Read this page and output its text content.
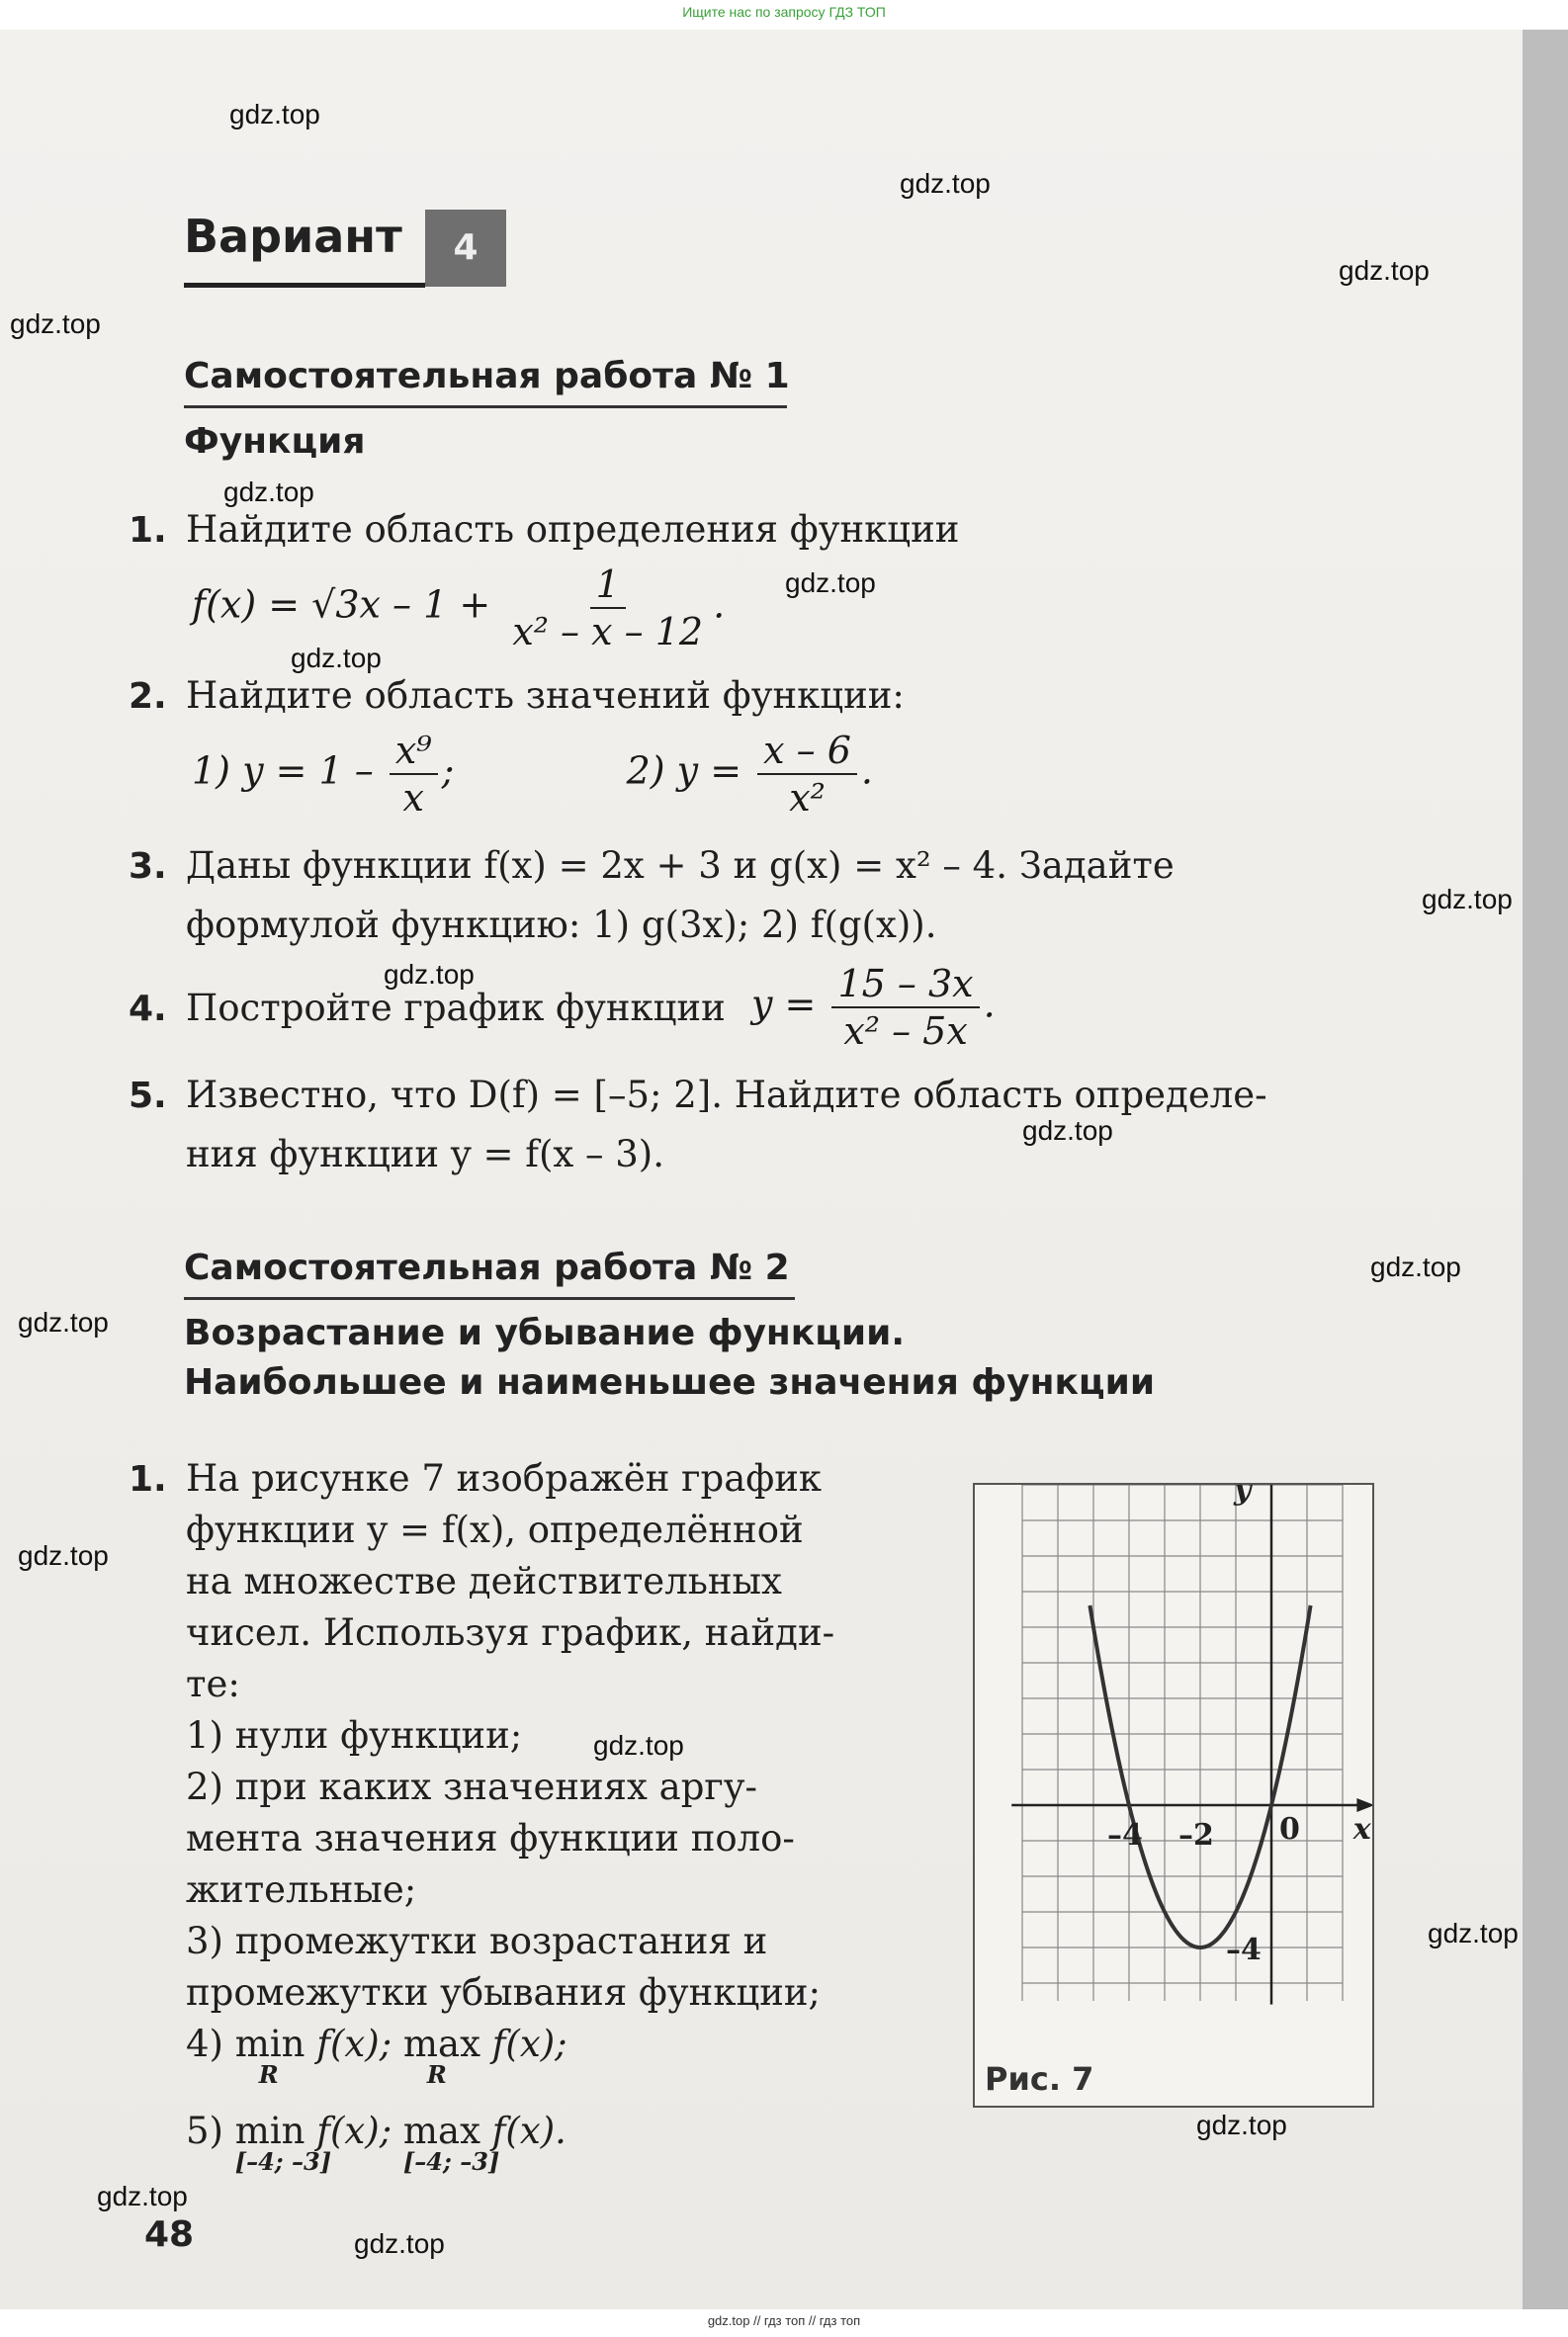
Ищите нас по запросу ГДЗ ТОП
gdz.top
gdz.top
gdz.top
gdz.top
gdz.top
gdz.top
gdz.top
gdz.top
gdz.top
gdz.top
gdz.top
gdz.top
gdz.top
gdz.top
gdz.top
gdz.top
gdz.top
gdz.top
Вариант	4
Самостоятельная работа № 1
Функция
1. Найдите область определения функции
$f(x) = √3x - 1 + \frac{1}{\text{x² – x – 12}}$ .
2. Найдите область значений функции:
1) $y = 1 - \frac{\text{x⁹}}{x}$ ;	2) $y = \frac{x - 6}{\text{x²}}$ .
3. Даны функции f(x) = 2x + 3 и g(x) = x² – 4. Задайте
формулой функцию: 1) g(3x); 2) f(g(x)).
4. Постройте график функции $y = \frac{15 - 3x}{\text{x² – 5x}}$ .
5. Известно, что D(f) = [–5; 2]. Найдите область определе-
ния функции y = f(x – 3).
Самостоятельная работа № 2
Возрастание и убывание функции.
Наибольшее и наименьшее значения функции
1. На рисунке 7 изображён график
функции y = f(x), определённой
на множестве действительных
чисел. Используя график, найди-
те:
1) нули функции;
2) при каких значениях аргу-
мента значения функции поло-
жительные;
3) промежутки возрастания и
промежутки убывания функции;
4) min
R
f(x); max
R
f(x);
5) min
[–4; –3]
f(x); max
[–4; –3]
f(x).
x
y
–4 –2 0
–4
Рис. 7
48
gdz.top // гдз топ // гдз топ
